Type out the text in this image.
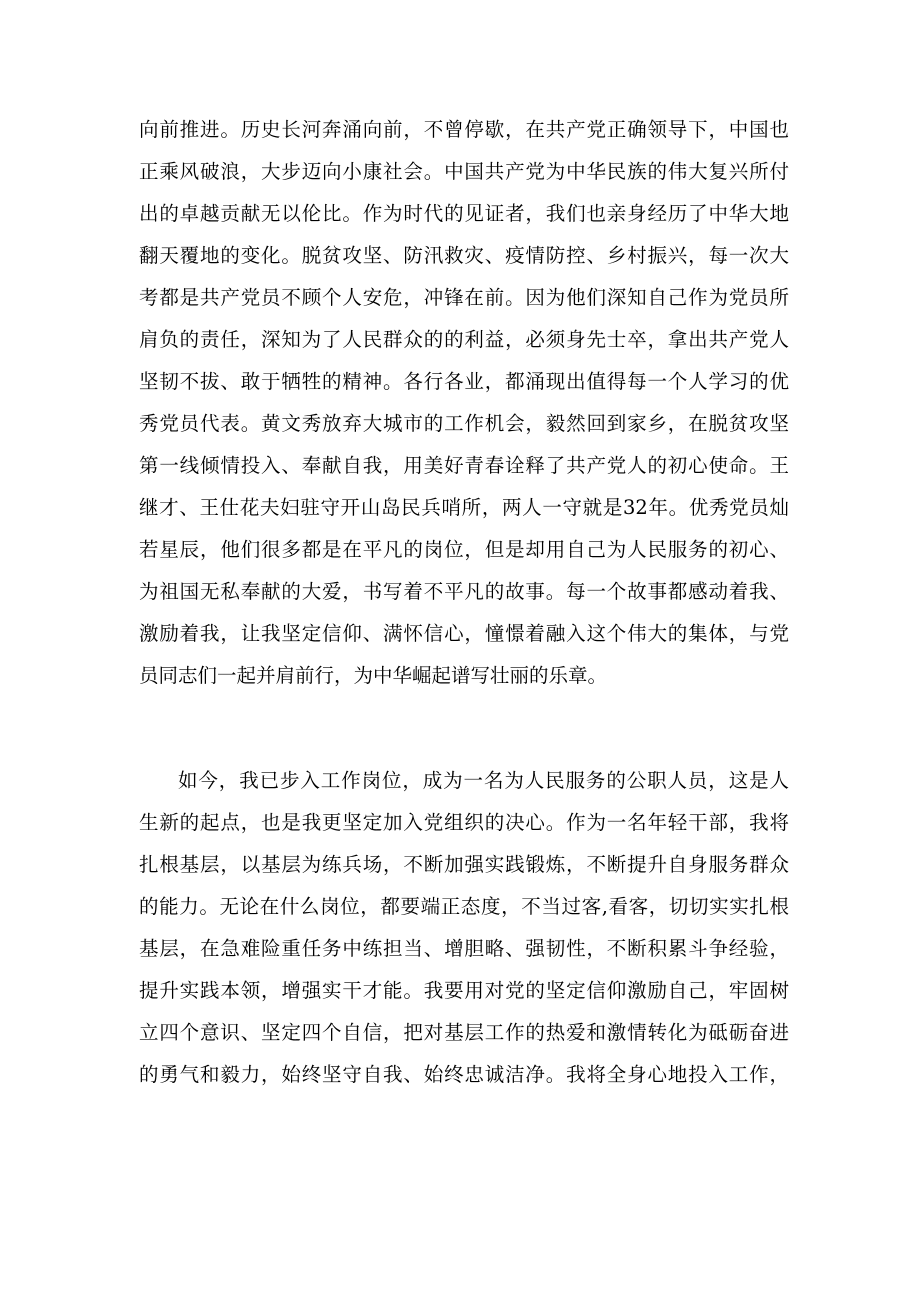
向前推进。历史长河奔涌向前，不曾停歇，在共产党正确领导下，中国也
正乘风破浪，大步迈向小康社会。中国共产党为中华民族的伟大复兴所付
出的卓越贡献无以伦比。作为时代的见证者，我们也亲身经历了中华大地
翻天覆地的变化。脱贫攻坚、防汛救灾、疫情防控、乡村振兴，每一次大
考都是共产党员不顾个人安危，冲锋在前。因为他们深知自己作为党员所
肩负的责任，深知为了人民群众的的利益，必须身先士卒，拿出共产党人
坚韧不拔、敢于牺牲的精神。各行各业，都涌现出值得每一个人学习的优
秀党员代表。黄文秀放弃大城市的工作机会，毅然回到家乡，在脱贫攻坚
第一线倾情投入、奉献自我，用美好青春诠释了共产党人的初心使命。王
继才、王仕花夫妇驻守开山岛民兵哨所，两人一守就是32年。优秀党员灿
若星辰，他们很多都是在平凡的岗位，但是却用自己为人民服务的初心、
为祖国无私奉献的大爱，书写着不平凡的故事。每一个故事都感动着我、
激励着我，让我坚定信仰、满怀信心，憧憬着融入这个伟大的集体，与党
员同志们一起并肩前行，为中华崛起谱写壮丽的乐章。
如今，我已步入工作岗位，成为一名为人民服务的公职人员，这是人
生新的起点，也是我更坚定加入党组织的决心。作为一名年轻干部，我将
扎根基层，以基层为练兵场，不断加强实践锻炼，不断提升自身服务群众
的能力。无论在什么岗位，都要端正态度，不当过客,看客，切切实实扎根
基层，在急难险重任务中练担当、增胆略、强韧性，不断积累斗争经验，
提升实践本领，增强实干才能。我要用对党的坚定信仰激励自己，牢固树
立四个意识、坚定四个自信，把对基层工作的热爱和激情转化为砥砺奋进
的勇气和毅力，始终坚守自我、始终忠诚洁净。我将全身心地投入工作，
